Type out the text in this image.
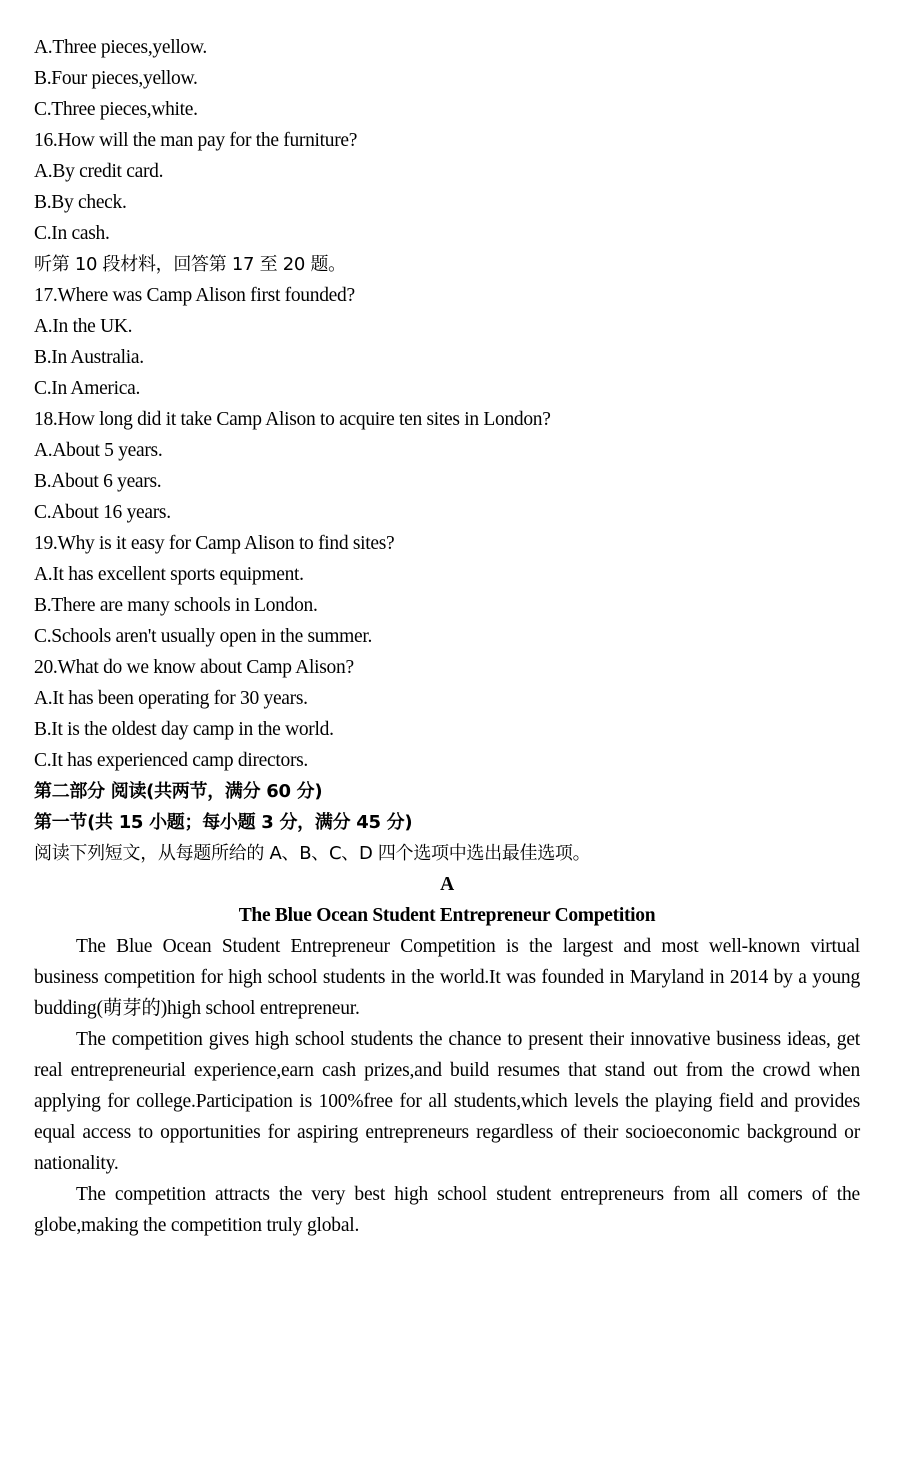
A.Three pieces,yellow.
B.Four pieces,yellow.
C.Three pieces,white.
16.How will the man pay for the furniture?
A.By credit card.
B.By check.
C.In cash.
听第 10 段材料，回答第 17 至 20 题。
17.Where was Camp Alison first founded?
A.In the UK.
B.In Australia.
C.In America.
18.How long did it take Camp Alison to acquire ten sites in London?
A.About 5 years.
B.About 6 years.
C.About 16 years.
19.Why is it easy for Camp Alison to find sites?
A.It has excellent sports equipment.
B.There are many schools in London.
C.Schools aren't usually open in the summer.
20.What do we know about Camp Alison?
A.It has been operating for 30 years.
B.It is the oldest day camp in the world.
C.It has experienced camp directors.
第二部分 阅读(共两节，满分 60 分)
第一节(共 15 小题；每小题 3 分，满分 45 分)
阅读下列短文，从每题所给的 A、B、C、D 四个选项中选出最佳选项。
A
The Blue Ocean Student Entrepreneur Competition

The Blue Ocean Student Entrepreneur Competition is the largest and most well-known virtual business competition for high school students in the world.It was founded in Maryland in 2014 by a young budding(萌芽的)high school entrepreneur.

The competition gives high school students the chance to present their innovative business ideas, get real entrepreneurial experience,earn cash prizes,and build resumes that stand out from the crowd when applying for college.Participation is 100%free for all students,which levels the playing field and provides equal access to opportunities for aspiring entrepreneurs regardless of their socioeconomic background or nationality.

The competition attracts the very best high school student entrepreneurs from all comers of the globe,making the competition truly global.
